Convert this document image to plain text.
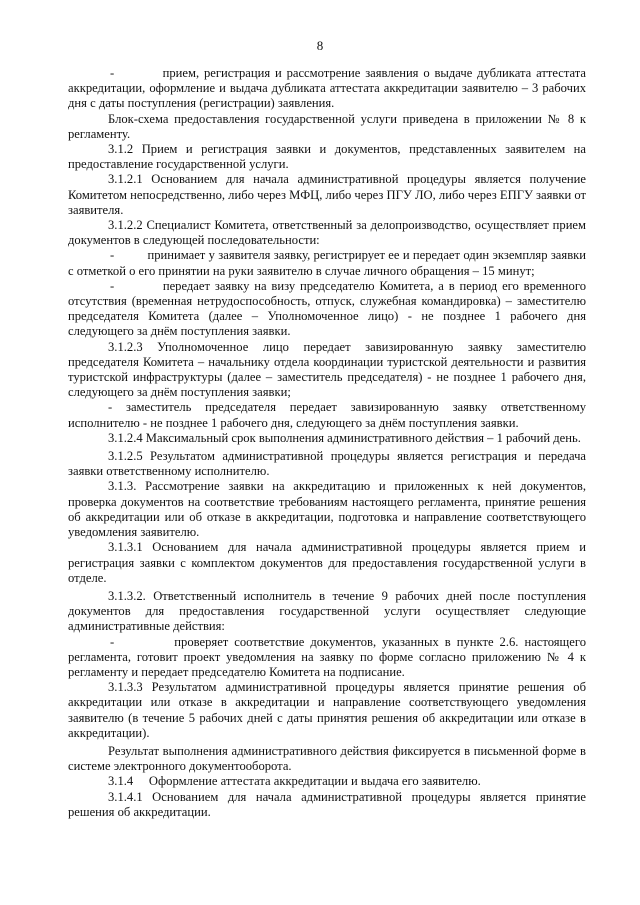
8

-          прием, регистрация и рассмотрение заявления о выдаче дубликата аттестата аккредитации, оформление и выдача дубликата аттестата аккредитации заявителю – 3 рабочих дня с даты поступления (регистрации) заявления.

Блок-схема предоставления государственной услуги приведена в приложении № 8 к регламенту.

3.1.2 Прием и регистрация заявки и документов, представленных заявителем на предоставление государственной услуги.

3.1.2.1 Основанием для начала административной процедуры является получение Комитетом непосредственно, либо через МФЦ, либо через ПГУ ЛО, либо через ЕПГУ заявки от заявителя.

3.1.2.2 Специалист Комитета, ответственный за делопроизводство, осуществляет прием документов в следующей последовательности:

-          принимает у заявителя заявку, регистрирует ее и передает один экземпляр заявки с отметкой о его принятии на руки заявителю в случае личного обращения – 15 минут;

-          передает заявку на визу председателю Комитета, а в период его временного отсутствия (временная нетрудоспособность, отпуск, служебная командировка) – заместителю председателя Комитета (далее – Уполномоченное лицо) - не позднее 1 рабочего дня следующего за днём поступления заявки.

3.1.2.3 Уполномоченное лицо передает завизированную заявку заместителю председателя Комитета – начальнику отдела координации туристской деятельности и развития туристской инфраструктуры (далее – заместитель председателя) - не позднее 1 рабочего дня, следующего за днём поступления заявки;

- заместитель председателя передает завизированную заявку ответственному исполнителю - не позднее 1 рабочего дня, следующего за днём поступления заявки.

3.1.2.4 Максимальный срок выполнения административного действия – 1 рабочий день.

3.1.2.5 Результатом административной процедуры является регистрация и передача заявки ответственному исполнителю.

3.1.3. Рассмотрение заявки на аккредитацию и приложенных к ней документов, проверка документов на соответствие требованиям настоящего регламента, принятие решения об аккредитации или об отказе в аккредитации, подготовка и направление соответствующего уведомления заявителю.

3.1.3.1 Основанием для начала административной процедуры является прием и регистрация заявки с комплектом документов для предоставления государственной услуги в отделе.

3.1.3.2. Ответственный исполнитель в течение 9 рабочих дней после поступления документов для предоставления государственной услуги осуществляет следующие административные действия:

-          проверяет соответствие документов, указанных в пункте 2.6. настоящего регламента, готовит проект уведомления на заявку по форме согласно приложению № 4 к регламенту и передает председателю Комитета на подписание.

3.1.3.3 Результатом административной процедуры является принятие решения об аккредитации или отказе в аккредитации и направление соответствующего уведомления заявителю (в течение 5 рабочих дней с даты принятия решения об аккредитации или отказе в аккредитации).

Результат выполнения административного действия фиксируется в письменной форме в системе электронного документооборота.

3.1.4     Оформление аттестата аккредитации и выдача его заявителю.

3.1.4.1 Основанием для начала административной процедуры является принятие решения об аккредитации.
